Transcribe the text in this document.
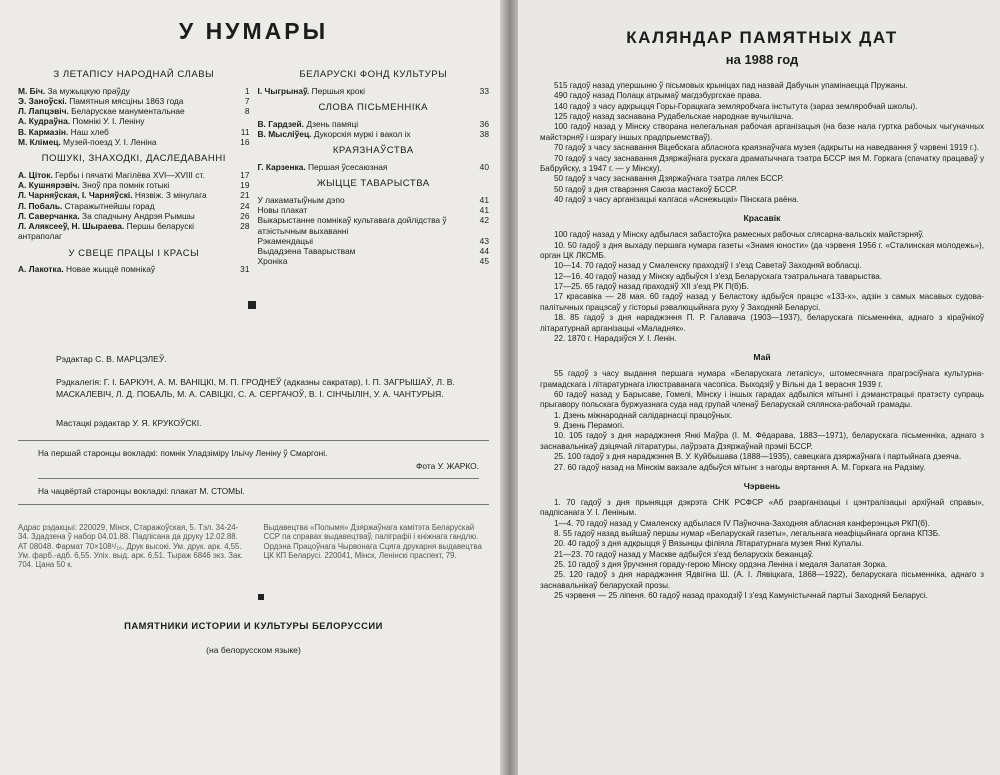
У НУМАРЫ
З ЛЕТАПІСУ НАРОДНАЙ СЛАВЫ
М. Біч. За мужыцкую праўду	1
Э. Заноўскі. Памятныя мясціны 1863 года	7
Л. Лапцэвіч. Беларускае манументальнае	8
А. Кудраўна. Помнікі У. І. Леніну
В. Кармазін. Наш хлеб	11
М. Клімец. Музей-поезд У. І. Леніна	16
ПОШУКІ, ЗНАХОДКІ, ДАСЛЕДАВАННІ
А. Ціток. Гербы і пячаткі Магілёва XVI—XVIII ст.	17
А. Кушнярэвіч. Зноў пра помнік готыкі	19
Л. Чарняўская, І. Чарняўскі. Нязвіж. З мінулага	21
Л. Побаль. Старажытнейшы горад	24
Л. Саверчанка. За спадчыну Андрэя Рымшы	26
Л. Аляксееў, Н. Шыраева. Першы беларускі антраполаг
28
У СВЕЦЕ ПРАЦЫ І КРАСЫ
А. Лакотка. Новае жыццё помнікаў	31
БЕЛАРУСКІ ФОНД КУЛЬТУРЫ
І. Чыгрынаў. Першыя крокі	33
СЛОВА ПІСЬМЕННІКА
В. Гардзей. Дзень памяці	36
В. Мысліўец. Дукорскія муркі і вакол іх	38
КРАЯЗНАЎСТВА
Г. Карзенка. Першая ўсесаюзная	40
ЖЫЦЦЕ ТАВАРЫСТВА
У лакаматыўным дэпо	41
Новы плакат	41
Выкарыстанне помнікаў культавага дойлідства ў атэістычным выхаванні
42
Рэкамендацыі	43
Выдадзена Таварыствам	44
Хроніка	45

Рэдактар С. В. МАРЦЭЛЕЎ.

Рэдкалегія: Г. І. БАРКУН, А. М. ВАНІЦКІ, М. П. ГРОДНЕЎ (адказны сакратар), І. П. ЗАГРЫШАЎ, Л. В. МАСКАЛЕВІЧ, Л. Д. ПОБАЛЬ, М. А. САВІЦКІ, С. А. СЕРГАЧОЎ, В. І. СІНЧЫЛІН, У. А. ЧАНТУРЫЯ.

Мастацкі рэдактар У. Я. КРУКОЎСКІ.

На першай старонцы вокладкі: помнік Уладзіміру Ільічу Леніну ў Смаргоні.
Фота У. ЖАРКО.
На чацвёртай старонцы вокладкі: плакат М. СТОМЫ.
Адрас рэдакцыі: 220029, Мінск, Старажоўская, 5. Тэл. 34-24-34. Здадзена ў набор 04.01.88. Падпісана да друку 12.02.88. АТ 08048. Фармат 70×108¹/₁₆. Друк высокі. Ум. друк. арк. 4,55. Ум. фарб.-адб. 6,55. Уліх. выд. арк. 6,51. Тыраж 6846 экз. Зак. 704. Цана 50 к.
Выдавецтва «Полымя» Дзяржаўнага камітэта Беларускай ССР па справах выдавецтваў, паліграфіі і кніжнага гандлю. Ордэна Працоўнага Чырвонага Сцяга друкарня выдавецтва ЦК КП Беларусі. 220041, Мінск, Ленінскі праспект, 79.
ПАМЯТНИКИ ИСТОРИИ И КУЛЬТУРЫ БЕЛОРУССИИ
(на белорусском языке)
КАЛЯНДАР ПАМЯТНЫХ ДАТ
на 1988 год

515 гадоў назад упершыню ў пісьмовых крыніцах пад назвай Дабучын упамінаецца Пружаны.

490 гадоў назад Полацк атрымаў магдэбургскае права.

140 гадоў з часу адкрыцця Горы-Горацкага земляробчага інстытута (зараз земляробчай школы).

125 гадоў назад заснавана Рудабельскае народнае вучылішча.

100 гадоў назад у Мінску створана нелегальная рабочая арганізацыя (на базе нала гуртка рабочых чыгуначных майстэрняў і шэрагу іншых прадпрыемстваў).

70 гадоў з часу заснавання Віцебскага абласнога краязнаўчага музея (адкрыты на наведвання ў чэрвені 1919 г.).

70 гадоў з часу заснавання Дзяржаўнага рускага драматычнага тэатра БССР імя М. Горкага (спачатку працаваў у Бабруйску, з 1947 г. — у Мінску).

50 гадоў з часу заснавання Дзяржаўнага тэатра лялек БССР.

50 гадоў з дня стварэння Саюза мастакоў БССР.

40 гадоў з часу арганізацыі калгаса «Аснежыцкі» Пінскага раёна.

Красавік

100 гадоў назад у Мінску адбылася забастоўка рамесных рабочых слясарна-вальскіх майстэрняў.

10. 50 гадоў з дня выхаду першага нумара газеты «Знамя юности» (да чэрвеня 1956 г. «Сталинская молодежь»), орган ЦК ЛКСМБ.

10—14. 70 гадоў назад у Смаленску праходзіў І з'езд Саветаў Заходняй вобласці.

12—16. 40 гадоў назад у Мінску адбыўся І з'езд Беларускага тэатральнага таварыства.

17—25. 65 гадоў назад праходзіў XII з'езд РК П(б)Б.

17 красавіка — 28 мая. 60 гадоў назад у Беластоку адбыўся працэс «133-х», адзін з самых масавых судова-палітычных працэсаў у гісторыі рэвалюцыйнага руху ў Заходняй Беларусі.

18. 85 гадоў з дня нараджэння П. Р. Галавача (1903—1937), беларускага пісьменніка, аднаго з кіраўнікоў літаратурнай арганізацыі «Маладняк».

22. 1870 г. Нарадзіўся У. І. Ленін.

Май

55 гадоў з часу выдання першага нумара «Беларускага летапісу», штомесячнага прагрэсіўнага культурна-грамадскага і літаратурнага ілюстраванага часопіса. Выходзіў у Вільні да 1 верасня 1939 г.

60 гадоў назад у Барысаве, Гомелі, Мінску і іншых гарадах адбыліся мітынгі і дэманстрацыі пратэсту супраць прыгавору польскага буржуазнага суда над групай членаў Беларускай сялянска-рабочай грамады.

1. Дзень міжнароднай салідарнасці працоўных.

9. Дзень Перамогі.

10. 105 гадоў з дня нараджэння Янкі Маўра (І. М. Фёдарава, 1883—1971), беларускага пісьменніка, аднаго з заснавальнікаў дзіцячай літаратуры, лаўрэата Дзяржаўнай прэміі БССР.

25. 100 гадоў з дня нараджэння В. У. Куйбышава (1888—1935), савецкага дзяржаўнага і партыйнага дзеяча.

27. 60 гадоў назад на Мінскім вакзале адбыўся мітынг з нагоды вяртання А. М. Горкага на Радзіму.

Чэрвень

1. 70 гадоў з дня прыняцця дэкрэта СНК РСФСР «Аб рэарганізацыі і цэнтралізацыі архіўнай справы», падпісанага У. І. Леніным.

1—4. 70 гадоў назад у Смаленску адбылася IV Паўночна-Заходняя абласная канферэнцыя РКП(б).

8. 55 гадоў назад выйшаў першы нумар «Беларускай газеты», легальнага неафіцыйнага органа КПЗБ.

20. 40 гадоў з дня адкрыцця ў Вязынцы філіяла Літаратурнага музея Янкі Купалы.

21—23. 70 гадоў назад у Маскве адбыўся з'езд беларускіх бежанцаў.

25. 10 гадоў з дня ўручэння гораду-герою Мінску ордэна Леніна і медаля Залатая Зорка.

25. 120 гадоў з дня нараджэння Ядвігіна Ш. (А. І. Лявіцкага, 1868—1922), беларускага пісьменніка, аднаго з заснавальнікаў беларускай прозы.

25 чэрвеня — 25 ліпеня. 60 гадоў назад праходзіў І з'езд Камуністычнай партыі Заходняй Беларусі.
